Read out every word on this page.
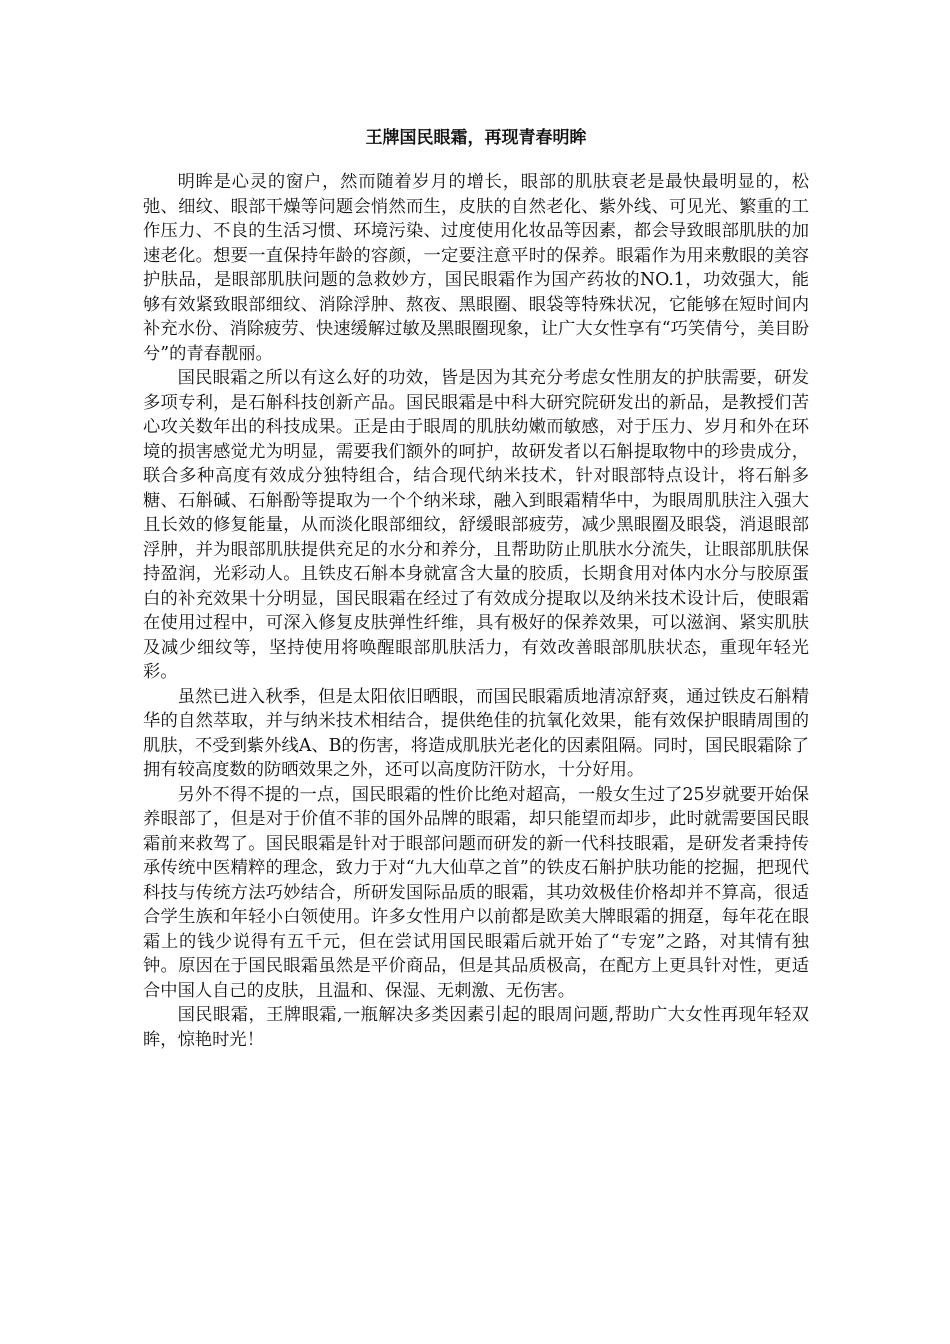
王牌国民眼霜，再现青春明眸

明眸是心灵的窗户，然而随着岁月的增长，眼部的肌肤衰老是最快最明显的，松弛、细纹、眼部干燥等问题会悄然而生，皮肤的自然老化、紫外线、可见光、繁重的工作压力、不良的生活习惯、环境污染、过度使用化妆品等因素，都会导致眼部肌肤的加速老化。想要一直保持年龄的容颜，一定要注意平时的保养。眼霜作为用来敷眼的美容护肤品，是眼部肌肤问题的急救妙方，国民眼霜作为国产药妆的NO.1，功效强大，能够有效紧致眼部细纹、消除浮肿、熬夜、黑眼圈、眼袋等特殊状况，它能够在短时间内补充水份、消除疲劳、快速缓解过敏及黑眼圈现象，让广大女性享有“巧笑倩兮，美目盼兮”的青春靓丽。

国民眼霜之所以有这么好的功效，皆是因为其充分考虑女性朋友的护肤需要，研发多项专利，是石斛科技创新产品。国民眼霜是中科大研究院研发出的新品，是教授们苦心攻关数年出的科技成果。正是由于眼周的肌肤幼嫩而敏感，对于压力、岁月和外在环境的损害感觉尤为明显，需要我们额外的呵护，故研发者以石斛提取物中的珍贵成分，联合多种高度有效成分独特组合，结合现代纳米技术，针对眼部特点设计，将石斛多糖、石斛碱、石斛酚等提取为一个个纳米球，融入到眼霜精华中，为眼周肌肤注入强大且长效的修复能量，从而淡化眼部细纹，舒缓眼部疲劳，减少黑眼圈及眼袋，消退眼部浮肿，并为眼部肌肤提供充足的水分和养分，且帮助防止肌肤水分流失，让眼部肌肤保持盈润，光彩动人。且铁皮石斛本身就富含大量的胶质，长期食用对体内水分与胶原蛋白的补充效果十分明显，国民眼霜在经过了有效成分提取以及纳米技术设计后，使眼霜在使用过程中，可深入修复皮肤弹性纤维，具有极好的保养效果，可以滋润、紧实肌肤及减少细纹等，坚持使用将唤醒眼部肌肤活力，有效改善眼部肌肤状态，重现年轻光彩。

虽然已进入秋季，但是太阳依旧晒眼，而国民眼霜质地清凉舒爽，通过铁皮石斛精华的自然萃取，并与纳米技术相结合，提供绝佳的抗氧化效果，能有效保护眼睛周围的肌肤，不受到紫外线A、B的伤害，将造成肌肤光老化的因素阻隔。同时，国民眼霜除了拥有较高度数的防晒效果之外，还可以高度防汗防水，十分好用。

另外不得不提的一点，国民眼霜的性价比绝对超高，一般女生过了25岁就要开始保养眼部了，但是对于价值不菲的国外品牌的眼霜，却只能望而却步，此时就需要国民眼霜前来救驾了。国民眼霜是针对于眼部问题而研发的新一代科技眼霜，是研发者秉持传承传统中医精粹的理念，致力于对“九大仙草之首”的铁皮石斛护肤功能的挖掘，把现代科技与传统方法巧妙结合，所研发国际品质的眼霜，其功效极佳价格却并不算高，很适合学生族和年轻小白领使用。许多女性用户以前都是欧美大牌眼霜的拥趸，每年花在眼霜上的钱少说得有五千元，但在尝试用国民眼霜后就开始了“专宠”之路，对其情有独钟。原因在于国民眼霜虽然是平价商品，但是其品质极高，在配方上更具针对性，更适合中国人自己的皮肤，且温和、保湿、无刺激、无伤害。

国民眼霜，王牌眼霜,一瓶解决多类因素引起的眼周问题,帮助广大女性再现年轻双眸，惊艳时光！
